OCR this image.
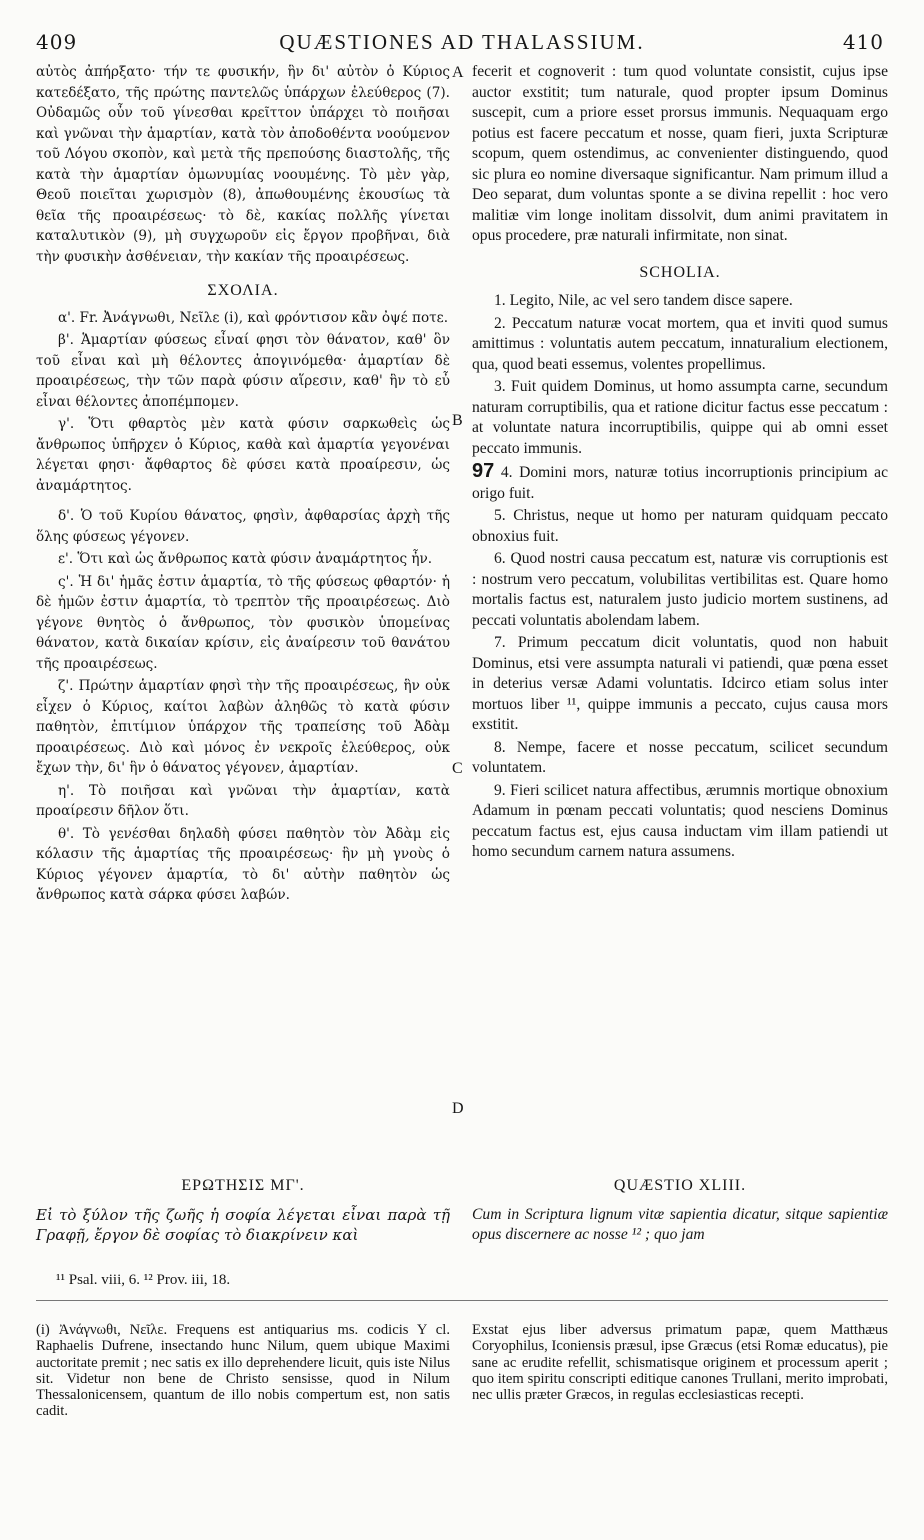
409	QUÆSTIONES AD THALASSIUM.	410
A
B
C
D
αὐτὸς ἀπήρξατο· τήν τε φυσικήν, ἣν δι' αὐτὸν ὁ Κύριος κατεδέξατο, τῆς πρώτης παντελῶς ὑπάρχων ἐλεύθερος (7). Οὐδαμῶς οὖν τοῦ γίνεσθαι κρεῖττον ὑπάρχει τὸ ποιῆσαι καὶ γνῶναι τὴν ἁμαρτίαν, κατὰ τὸν ἀποδοθέντα νοούμενον τοῦ Λόγου σκοπὸν, καὶ μετὰ τῆς πρεπούσης διαστολῆς, τῆς κατὰ τὴν ἁμαρτίαν ὁμωνυμίας νοουμένης. Τὸ μὲν γὰρ, Θεοῦ ποιεῖται χωρισμὸν (8), ἀπωθουμένης ἑκουσίως τὰ θεῖα τῆς προαιρέσεως· τὸ δὲ, κακίας πολλῆς γίνεται καταλυτικὸν (9), μὴ συγχωροῦν εἰς ἔργον προβῆναι, διὰ τὴν φυσικὴν ἀσθένειαν, τὴν κακίαν τῆς προαιρέσεως.
ΣΧΟΛΙΑ.
α'. Fr. Ἀνάγνωθι, Νεῖλε (i), καὶ φρόντισον κἂν ὀψέ ποτε.
β'. Ἁμαρτίαν φύσεως εἶναί φησι τὸν θάνατον, καθ' ὃν τοῦ εἶναι καὶ μὴ θέλοντες ἀπογινόμεθα· ἁμαρτίαν δὲ προαιρέσεως, τὴν τῶν παρὰ φύσιν αἵρεσιν, καθ' ἣν τὸ εὖ εἶναι θέλοντες ἀποπέμπομεν.
γ'. Ὅτι φθαρτὸς μὲν κατὰ φύσιν σαρκωθεὶς ὡς ἄνθρωπος ὑπῆρχεν ὁ Κύριος, καθὰ καὶ ἁμαρτία γεγονέναι λέγεται φησι· ἄφθαρτος δὲ φύσει κατὰ προαίρεσιν, ὡς ἀναμάρτητος.
δ'. Ὁ τοῦ Κυρίου θάνατος, φησὶν, ἀφθαρσίας ἀρχὴ τῆς ὅλης φύσεως γέγονεν.
ε'. Ὅτι καὶ ὡς ἄνθρωπος κατὰ φύσιν ἀναμάρτητος ἦν.
ς'. Ἡ δι' ἡμᾶς ἐστιν ἁμαρτία, τὸ τῆς φύσεως φθαρτόν· ἡ δὲ ἡμῶν ἐστιν ἁμαρτία, τὸ τρεπτὸν τῆς προαιρέσεως. Διὸ γέγονε θνητὸς ὁ ἄνθρωπος, τὸν φυσικὸν ὑπομείνας θάνατον, κατὰ δικαίαν κρίσιν, εἰς ἀναίρεσιν τοῦ θανάτου τῆς προαιρέσεως.
ζ'. Πρώτην ἁμαρτίαν φησὶ τὴν τῆς προαιρέσεως, ἣν οὐκ εἶχεν ὁ Κύριος, καίτοι λαβὼν ἀληθῶς τὸ κατὰ φύσιν παθητὸν, ἐπιτίμιον ὑπάρχον τῆς τραπείσης τοῦ Ἀδὰμ προαιρέσεως. Διὸ καὶ μόνος ἐν νεκροῖς ἐλεύθερος, οὐκ ἔχων τὴν, δι' ἣν ὁ θάνατος γέγονεν, ἁμαρτίαν.
η'. Τὸ ποιῆσαι καὶ γνῶναι τὴν ἁμαρτίαν, κατὰ προαίρεσιν δῆλον ὅτι.
θ'. Τὸ γενέσθαι δηλαδὴ φύσει παθητὸν τὸν Ἀδὰμ εἰς κόλασιν τῆς ἁμαρτίας τῆς προαιρέσεως· ἣν μὴ γνοὺς ὁ Κύριος γέγονεν ἁμαρτία, τὸ δι' αὐτὴν παθητὸν ὡς ἄνθρωπος κατὰ σάρκα φύσει λαβών.
ΕΡΩΤΗΣΙΣ ΜΓ'.
Εἰ τὸ ξύλον τῆς ζωῆς ἡ σοφία λέγεται εἶναι παρὰ τῇ Γραφῇ, ἔργον δὲ σοφίας τὸ διακρίνειν καὶ
fecerit et cognoverit : tum quod voluntate consistit, cujus ipse auctor exstitit; tum naturale, quod propter ipsum Dominus suscepit, cum a priore esset prorsus immunis. Nequaquam ergo potius est facere peccatum et nosse, quam fieri, juxta Scripturæ scopum, quem ostendimus, ac convenienter distinguendo, quod sic plura eo nomine diversaque significantur. Nam primum illud a Deo separat, dum voluntas sponte a se divina repellit : hoc vero malitiæ vim longe inolitam dissolvit, dum animi pravitatem in opus procedere, præ naturali infirmitate, non sinat.
SCHOLIA.
1. Legito, Nile, ac vel sero tandem disce sapere.
2. Peccatum naturæ vocat mortem, qua et inviti quod sumus amittimus : voluntatis autem peccatum, innaturalium electionem, qua, quod beati essemus, volentes propellimus.
3. Fuit quidem Dominus, ut homo assumpta carne, secundum naturam corruptibilis, qua et ratione dicitur factus esse peccatum : at voluntate natura incorruptibilis, quippe qui ab omni esset peccato immunis.
97 4. Domini mors, naturæ totius incorruptionis principium ac origo fuit.
5. Christus, neque ut homo per naturam quidquam peccato obnoxius fuit.
6. Quod nostri causa peccatum est, naturæ vis corruptionis est : nostrum vero peccatum, volubilitas vertibilitas est. Quare homo mortalis factus est, naturalem justo judicio mortem sustinens, ad peccati voluntatis abolendam labem.
7. Primum peccatum dicit voluntatis, quod non habuit Dominus, etsi vere assumpta naturali vi patiendi, quæ pœna esset in deterius versæ Adami voluntatis. Idcirco etiam solus inter mortuos liber ¹¹, quippe immunis a peccato, cujus causa mors exstitit.
8. Nempe, facere et nosse peccatum, scilicet secundum voluntatem.
9. Fieri scilicet natura affectibus, ærumnis mortique obnoxium Adamum in pœnam peccati voluntatis; quod nesciens Dominus peccatum factus est, ejus causa inductam vim illam patiendi ut homo secundum carnem natura assumens.
QUÆSTIO XLIII.
Cum in Scriptura lignum vitæ sapientia dicatur, sitque sapientiæ opus discernere ac nosse ¹² ; quo jam
¹¹ Psal. viii, 6. ¹² Prov. iii, 18.
(i) Ἀνάγνωθι, Νεῖλε. Frequens est antiquarius ms. codicis Y cl. Raphaelis Dufrene, insectando hunc Nilum, quem ubique Maximi auctoritate premit ; nec satis ex illo deprehendere licuit, quis iste Nilus sit. Videtur non bene de Christo sensisse, quod in Nilum Thessalonicensem, quantum de illo nobis compertum est, non satis cadit.
Exstat ejus liber adversus primatum papæ, quem Matthæus Coryophilus, Iconiensis præsul, ipse Græcus (etsi Romæ educatus), pie sane ac erudite refellit, schismatisque originem et processum aperit ; quo item spiritu conscripti editique canones Trullani, merito improbati, nec ullis præter Græcos, in regulas ecclesiasticas recepti.
